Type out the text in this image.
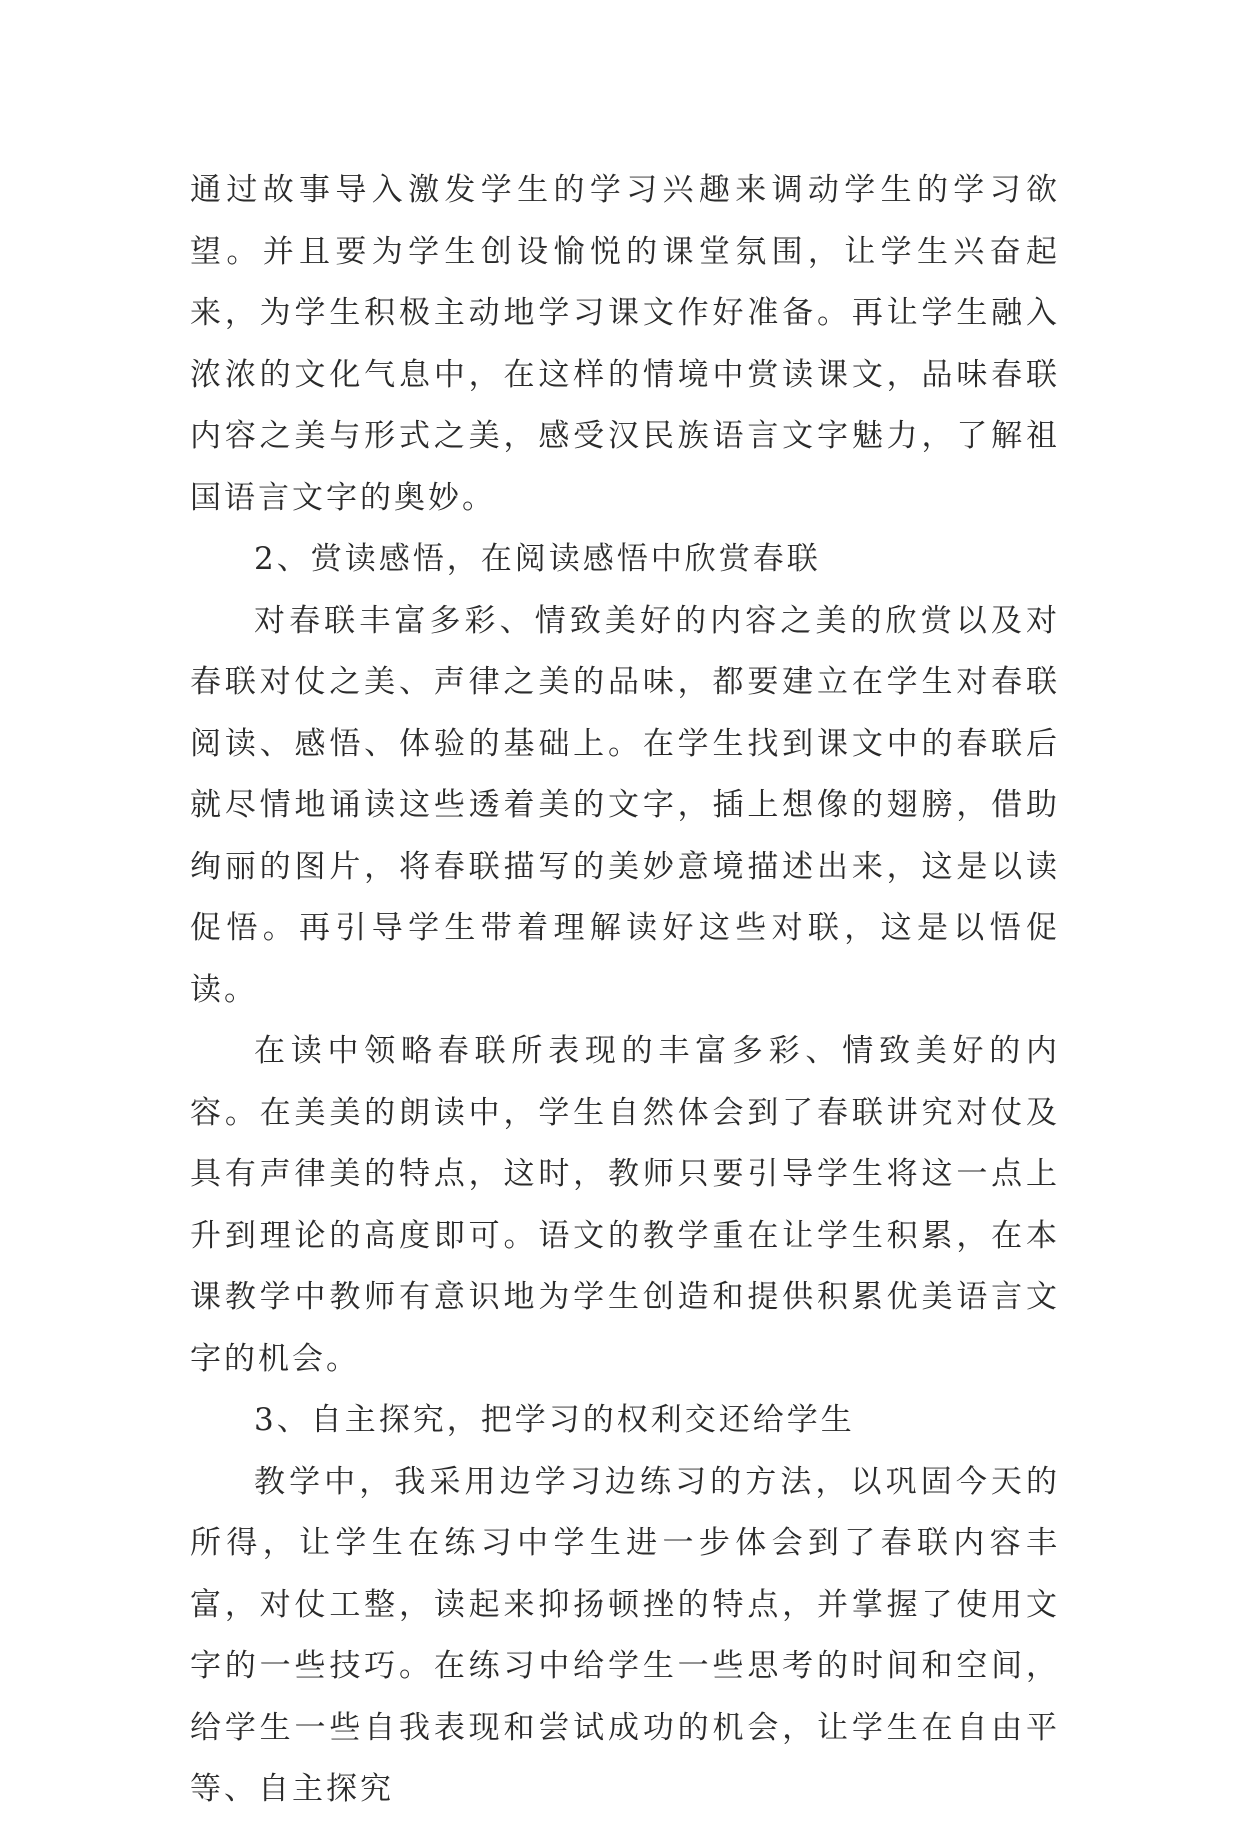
通过故事导入激发学生的学习兴趣来调动学生的学习欲望。并且要为学生创设愉悦的课堂氛围，让学生兴奋起来，为学生积极主动地学习课文作好准备。再让学生融入浓浓的文化气息中，在这样的情境中赏读课文，品味春联内容之美与形式之美，感受汉民族语言文字魅力，了解祖国语言文字的奥妙。

2、赏读感悟，在阅读感悟中欣赏春联

对春联丰富多彩、情致美好的内容之美的欣赏以及对春联对仗之美、声律之美的品味，都要建立在学生对春联阅读、感悟、体验的基础上。在学生找到课文中的春联后就尽情地诵读这些透着美的文字，插上想像的翅膀，借助绚丽的图片，将春联描写的美妙意境描述出来，这是以读促悟。再引导学生带着理解读好这些对联，这是以悟促读。

在读中领略春联所表现的丰富多彩、情致美好的内容。在美美的朗读中，学生自然体会到了春联讲究对仗及具有声律美的特点，这时，教师只要引导学生将这一点上升到理论的高度即可。语文的教学重在让学生积累，在本课教学中教师有意识地为学生创造和提供积累优美语言文字的机会。

3、自主探究，把学习的权利交还给学生

教学中，我采用边学习边练习的方法，以巩固今天的所得，让学生在练习中学生进一步体会到了春联内容丰富，对仗工整，读起来抑扬顿挫的特点，并掌握了使用文字的一些技巧。在练习中给学生一些思考的时间和空间，给学生一些自我表现和尝试成功的机会，让学生在自由平等、自主探究
